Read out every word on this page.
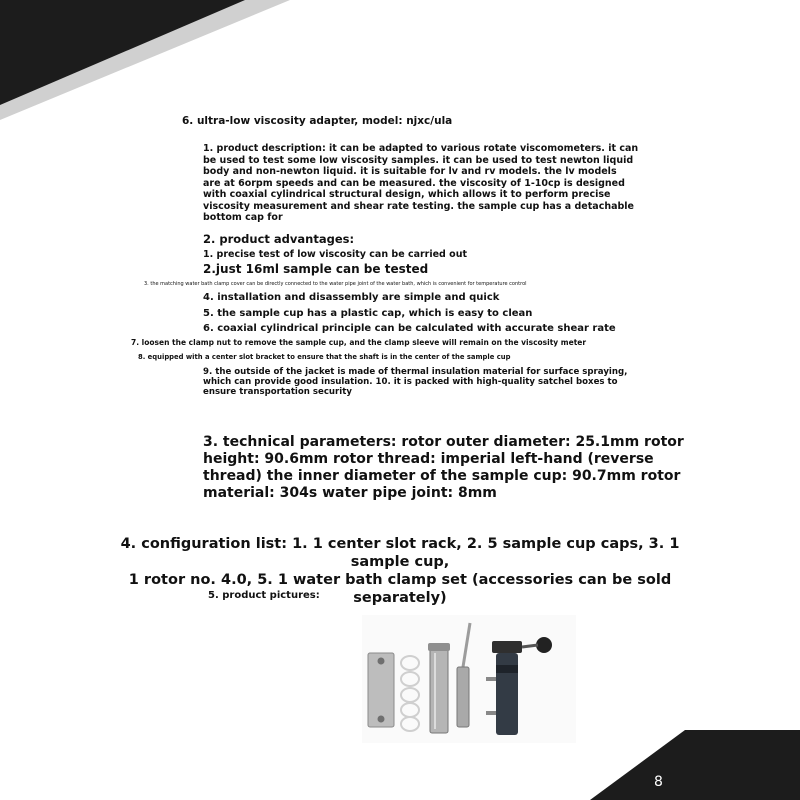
8
6. ultra-low viscosity adapter, model: njxc/ula
1. product description: it can be adapted to various rotate viscomometers. it can
be used to test some low viscosity samples. it can be used to test newton liquid
body and non-newton liquid. it is suitable for lv and rv models. the lv models
are at 6orpm speeds and can be measured. the viscosity of 1-10cp is designed
with coaxial cylindrical structural design, which allows it to perform precise
viscosity measurement and shear rate testing. the sample cup has a detachable
bottom cap for
2. product advantages:
1. precise test of low viscosity can be carried out
2.just 16ml sample can be tested
3. the matching water bath clamp cover can be directly connected to the water pipe joint of the water bath, which is convenient for temperature control
4. installation and disassembly are simple and quick
5. the sample cup has a plastic cap, which is easy to clean
6. coaxial cylindrical principle can be calculated with accurate shear rate
7. loosen the clamp nut to remove the sample cup, and the clamp sleeve will remain on the viscosity meter
8. equipped with a center slot bracket to ensure that the shaft is in the center of the sample cup
9. the outside of the jacket is made of thermal insulation material for surface spraying,
which can provide good insulation. 10. it is packed with high-quality satchel boxes to
ensure transportation security
3. technical parameters: rotor outer diameter: 25.1mm rotor
height: 90.6mm rotor thread: imperial left-hand (reverse
thread) the inner diameter of the sample cup: 90.7mm rotor
material: 304s water pipe joint: 8mm
4. configuration list: 1. 1 center slot rack, 2. 5 sample cup caps, 3. 1 sample cup,
1 rotor no. 4.0, 5. 1 water bath clamp set (accessories can be sold separately)
5. product pictures:
